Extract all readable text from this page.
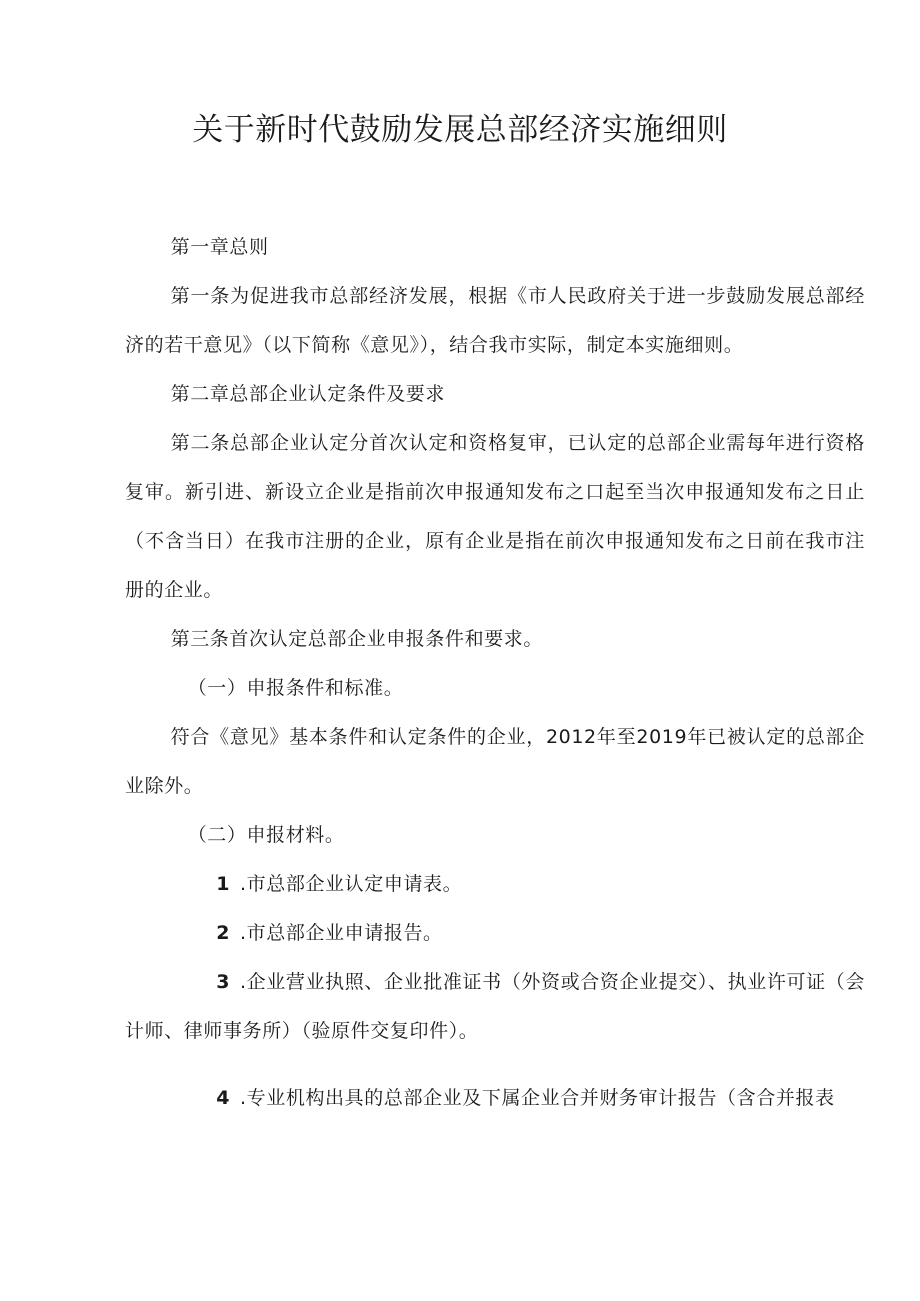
关于新时代鼓励发展总部经济实施细则

第一章总则

第一条为促进我市总部经济发展，根据《市人民政府关于进一步鼓励发展总部经济的若干意见》（以下简称《意见》），结合我市实际，制定本实施细则。

第二章总部企业认定条件及要求

第二条总部企业认定分首次认定和资格复审，已认定的总部企业需每年进行资格复审。新引进、新设立企业是指前次申报通知发布之口起至当次申报通知发布之日止（不含当日）在我市注册的企业，原有企业是指在前次申报通知发布之日前在我市注册的企业。

第三条首次认定总部企业申报条件和要求。

（一）申报条件和标准。

符合《意见》基本条件和认定条件的企业，2012年至2019年已被认定的总部企业除外。

（二）申报材料。

1 .市总部企业认定申请表。

2 .市总部企业申请报告。

3 .企业营业执照、企业批准证书（外资或合资企业提交）、执业许可证（会计师、律师事务所）（验原件交复印件）。

4 .专业机构出具的总部企业及下属企业合并财务审计报告（含合并报表
